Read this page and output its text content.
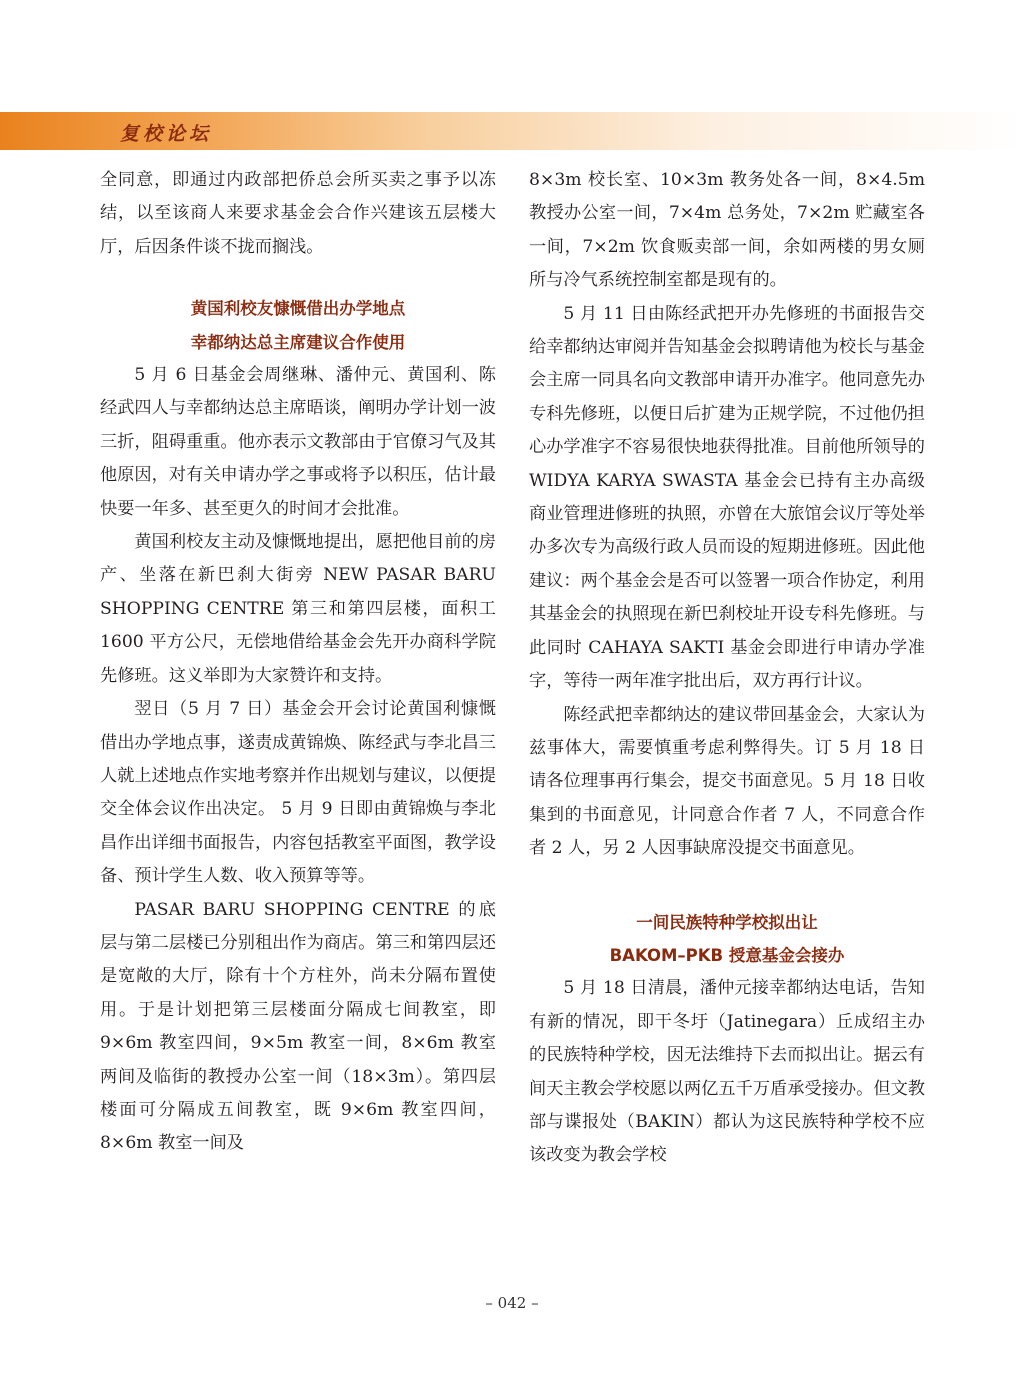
复校论坛

全同意，即通过内政部把侨总会所买卖之事予以冻结，以至该商人来要求基金会合作兴建该五层楼大厅，后因条件谈不拢而搁浅。

黄国利校友慷慨借出办学地点

幸都纳达总主席建议合作使用

5 月 6 日基金会周继琳、潘仲元、黄国利、陈经武四人与幸都纳达总主席晤谈，阐明办学计划一波三折，阻碍重重。他亦表示文教部由于官僚习气及其他原因，对有关申请办学之事或将予以积压，估计最快要一年多、甚至更久的时间才会批准。

黄国利校友主动及慷慨地提出，愿把他目前的房产、坐落在新巴刹大街旁 NEW PASAR BARU SHOPPING CENTRE 第三和第四层楼，面积工 1600 平方公尺，无偿地借给基金会先开办商科学院先修班。这义举即为大家赞许和支持。

翌日（5 月 7 日）基金会开会讨论黄国利慷慨借出办学地点事，遂责成黄锦焕、陈经武与李北昌三人就上述地点作实地考察并作出规划与建议，以便提交全体会议作出决定。 5 月 9 日即由黄锦焕与李北昌作出详细书面报告，内容包括教室平面图，教学设备、预计学生人数、收入预算等等。

PASAR BARU SHOPPING CENTRE 的底层与第二层楼已分别租出作为商店。第三和第四层还是宽敞的大厅，除有十个方柱外，尚未分隔布置使用。于是计划把第三层楼面分隔成七间教室，即 9×6m 教室四间，9×5m 教室一间，8×6m 教室两间及临街的教授办公室一间（18×3m）。第四层楼面可分隔成五间教室，既 9×6m 教室四间，8×6m 教室一间及

8×3m 校长室、10×3m 教务处各一间，8×4.5m 教授办公室一间，7×4m 总务处，7×2m 贮藏室各一间，7×2m 饮食贩卖部一间，余如两楼的男女厕所与冷气系统控制室都是现有的。

5 月 11 日由陈经武把开办先修班的书面报告交给幸都纳达审阅并告知基金会拟聘请他为校长与基金会主席一同具名向文教部申请开办准字。他同意先办专科先修班，以便日后扩建为正规学院，不过他仍担心办学准字不容易很快地获得批准。目前他所领导的 WIDYA KARYA SWASTA 基金会已持有主办高级商业管理进修班的执照，亦曾在大旅馆会议厅等处举办多次专为高级行政人员而设的短期进修班。因此他建议：两个基金会是否可以签署一项合作协定，利用其基金会的执照现在新巴刹校址开设专科先修班。与此同时 CAHAYA SAKTI 基金会即进行申请办学准字，等待一两年准字批出后，双方再行计议。

陈经武把幸都纳达的建议带回基金会，大家认为兹事体大，需要慎重考虑利弊得失。订 5 月 18 日请各位理事再行集会，提交书面意见。5 月 18 日收集到的书面意见，计同意合作者 7 人，不同意合作者 2 人，另 2 人因事缺席没提交书面意见。

一间民族特种学校拟出让

BAKOM–PKB 授意基金会接办

5 月 18 日清晨，潘仲元接幸都纳达电话，告知有新的情况，即干冬圩（Jatinegara）丘成绍主办的民族特种学校，因无法维持下去而拟出让。据云有间天主教会学校愿以两亿五千万盾承受接办。但文教部与谍报处（BAKIN）都认为这民族特种学校不应该改变为教会学校

– 042 –
